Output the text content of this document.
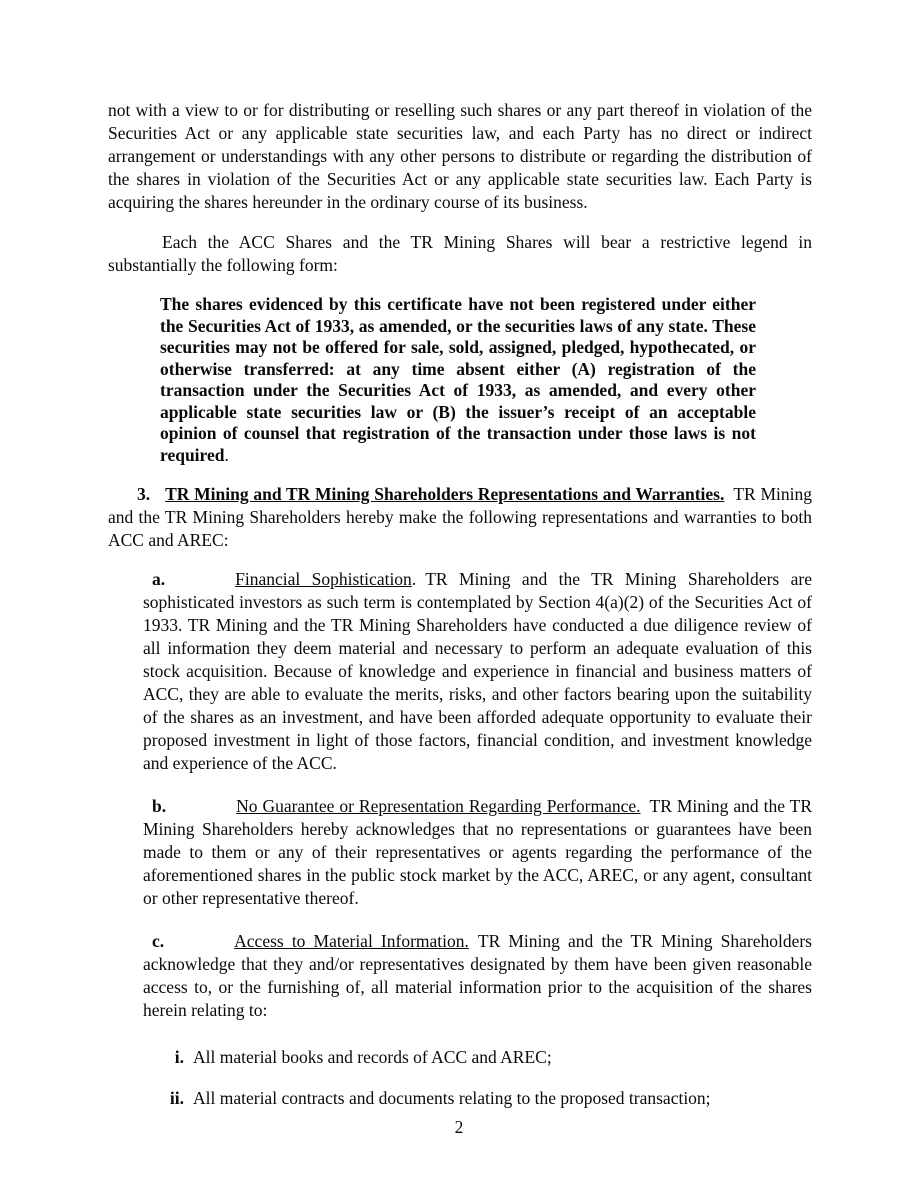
not with a view to or for distributing or reselling such shares or any part thereof in violation of the Securities Act or any applicable state securities law, and each Party has no direct or indirect arrangement or understandings with any other persons to distribute or regarding the distribution of the shares in violation of the Securities Act or any applicable state securities law. Each Party is acquiring the shares hereunder in the ordinary course of its business.

Each the ACC Shares and the TR Mining Shares will bear a restrictive legend in substantially the following form:

The shares evidenced by this certificate have not been registered under either the Securities Act of 1933, as amended, or the securities laws of any state. These securities may not be offered for sale, sold, assigned, pledged, hypothecated, or otherwise transferred: at any time absent either (A) registration of the transaction under the Securities Act of 1933, as amended, and every other applicable state securities law or (B) the issuer’s receipt of an acceptable opinion of counsel that registration of the transaction under those laws is not required.

3. TR Mining and TR Mining Shareholders Representations and Warranties. TR Mining and the TR Mining Shareholders hereby make the following representations and warranties to both ACC and AREC:

a.	Financial Sophistication. TR Mining and the TR Mining Shareholders are sophisticated investors as such term is contemplated by Section 4(a)(2) of the Securities Act of 1933. TR Mining and the TR Mining Shareholders have conducted a due diligence review of all information they deem material and necessary to perform an adequate evaluation of this stock acquisition. Because of knowledge and experience in financial and business matters of ACC, they are able to evaluate the merits, risks, and other factors bearing upon the suitability of the shares as an investment, and have been afforded adequate opportunity to evaluate their proposed investment in light of those factors, financial condition, and investment knowledge and experience of the ACC.

b.	No Guarantee or Representation Regarding Performance. TR Mining and the TR Mining Shareholders hereby acknowledges that no representations or guarantees have been made to them or any of their representatives or agents regarding the performance of the aforementioned shares in the public stock market by the ACC, AREC, or any agent, consultant or other representative thereof.

c.	Access to Material Information. TR Mining and the TR Mining Shareholders acknowledge that they and/or representatives designated by them have been given reasonable access to, or the furnishing of, all material information prior to the acquisition of the shares herein relating to:

i. All material books and records of ACC and AREC;

ii. All material contracts and documents relating to the proposed transaction;

2
